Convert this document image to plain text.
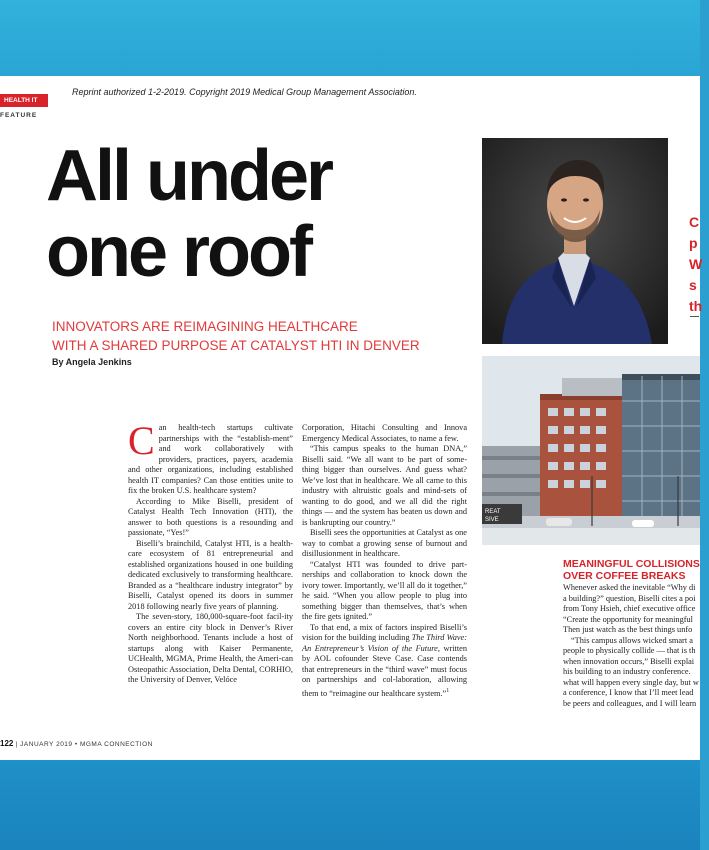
Reprint authorized 1-2-2019. Copyright 2019 Medical Group Management Association.
HEALTH IT
FEATURE
All under
one roof
INNOVATORS ARE REIMAGINING HEALTHCARE
WITH A SHARED PURPOSE AT CATALYST HTI IN DENVER
By Angela Jenkins

Can health-tech startups cultivate partnerships with the “establish-ment” and work collaboratively with providers, practices, payers, academia and other organizations, including established health IT companies? Can those entities unite to fix the broken U.S. healthcare system?

According to Mike Biselli, president of Catalyst Health Tech Innovation (HTI), the answer to both questions is a resounding and passionate, “Yes!”

Biselli’s brainchild, Catalyst HTI, is a health-care ecosystem of 81 entrepreneurial and established organizations housed in one building dedicated exclusively to transforming healthcare. Branded as a “healthcare industry integrator” by Biselli, Catalyst opened its doors in summer 2018 following nearly five years of planning.

The seven-story, 180,000-square-foot facil-ity covers an entire city block in Denver’s River North neighborhood. Tenants include a host of startups along with Kaiser Permanente, UCHealth, MGMA, Prime Health, the Ameri-can Osteopathic Association, Delta Dental, CORHIO, the University of Denver, Velóce

Corporation, Hitachi Consulting and Innova Emergency Medical Associates, to name a few.

“This campus speaks to the human DNA,” Biselli said. “We all want to be part of some-thing bigger than ourselves. And guess what? We’ve lost that in healthcare. We all came to this industry with altruistic goals and mind-sets of wanting to do good, and we all did the right things — and the system has beaten us down and is bankrupting our country.”

Biselli sees the opportunities at Catalyst as one way to combat a growing sense of burnout and disillusionment in healthcare.

“Catalyst HTI was founded to drive part-nerships and collaboration to knock down the ivory tower. Importantly, we’ll all do it together,” he said. “When you allow people to plug into something bigger than themselves, that’s when the fire gets ignited.”

To that end, a mix of factors inspired Biselli’s vision for the building including The Third Wave: An Entrepreneur’s Vision of the Future, written by AOL cofounder Steve Case. Case contends that entrepreneurs in the “third wave” must focus on partnerships and col-laboration, allowing them to “reimagine our healthcare system.”$^1$

C
p
W
s
th
REAT
SIVE
MEANINGFUL COLLISIONS
OVER COFFEE BREAKS

Whenever asked the inevitable “Why di

a building?” question, Biselli cites a poi

from Tony Hsieh, chief executive office

“Create the opportunity for meaningful

Then just watch as the best things unfo

“This campus allows wicked smart a

people to physically collide — that is th

when innovation occurs,” Biselli explai

his building to an industry conference.

what will happen every single day, but w

a conference, I know that I’ll meet lead

be peers and colleagues, and I will learn

122 | JANUARY 2019 • MGMA CONNECTION
